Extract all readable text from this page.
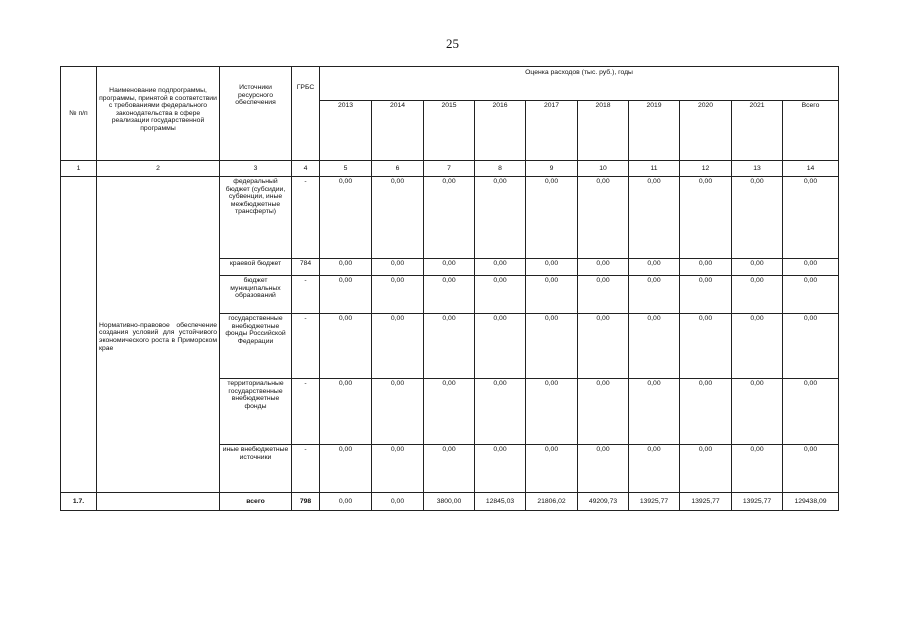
25
№ п/п	Наименование подпрограммы, программы, принятой в соответствии с требованиями федерального законодательства в сфере реализации государственной программы	Источники ресурсного обеспечения	ГРБС	Оценка расходов (тыс. руб.), годы									
				2013	2014	2015	2016	2017	2018	2019	2020	2021	Всего
1	2	3	4	5	6	7	8	9	10	11	12	13	14
	Нормативно-правовое обеспечение создания условий для устойчивого экономического роста в Приморском крае	федеральный бюджет (субсидии, субвенции, иные межбюджетные трансферты)	-	0,00	0,00	0,00	0,00	0,00	0,00	0,00	0,00	0,00	0,00
		краевой бюджет	784	0,00	0,00	0,00	0,00	0,00	0,00	0,00	0,00	0,00	0,00
		бюджет муниципальных образований	-	0,00	0,00	0,00	0,00	0,00	0,00	0,00	0,00	0,00	0,00
		государственные внебюджетные фонды Российской Федерации	-	0,00	0,00	0,00	0,00	0,00	0,00	0,00	0,00	0,00	0,00
		территориальные государственные внебюджетные фонды	-	0,00	0,00	0,00	0,00	0,00	0,00	0,00	0,00	0,00	0,00
		иные внебюджетные источники	-	0,00	0,00	0,00	0,00	0,00	0,00	0,00	0,00	0,00	0,00
1.7.		всего	798	0,00	0,00	3800,00	12845,03	21806,02	49209,73	13925,77	13925,77	13925,77	129438,09
